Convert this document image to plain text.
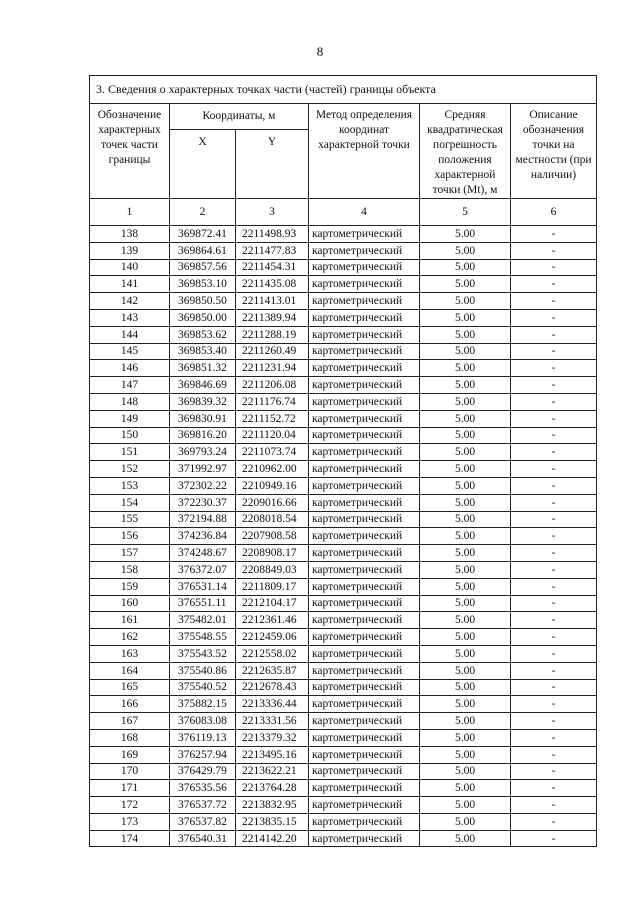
8
3. Сведения о характерных точках части (частей) границы объекта					
Обозначение характерных точек части границы	Координаты, м		Метод определения координат характерной точки	Средняя квадратическая погрешность положения характерной точки (Mt), м	Описание обозначения точки на местности (при наличии)
	X	Y			
1	2	3	4	5	6
138	369872.41	2211498.93	картометрический	5.00	-
139	369864.61	2211477.83	картометрический	5.00	-
140	369857.56	2211454.31	картометрический	5.00	-
141	369853.10	2211435.08	картометрический	5.00	-
142	369850.50	2211413.01	картометрический	5.00	-
143	369850.00	2211389.94	картометрический	5.00	-
144	369853.62	2211288.19	картометрический	5.00	-
145	369853.40	2211260.49	картометрический	5.00	-
146	369851.32	2211231.94	картометрический	5.00	-
147	369846.69	2211206.08	картометрический	5.00	-
148	369839.32	2211176.74	картометрический	5.00	-
149	369830.91	2211152.72	картометрический	5.00	-
150	369816.20	2211120.04	картометрический	5.00	-
151	369793.24	2211073.74	картометрический	5.00	-
152	371992.97	2210962.00	картометрический	5.00	-
153	372302.22	2210949.16	картометрический	5.00	-
154	372230.37	2209016.66	картометрический	5.00	-
155	372194.88	2208018.54	картометрический	5.00	-
156	374236.84	2207908.58	картометрический	5.00	-
157	374248.67	2208908.17	картометрический	5.00	-
158	376372.07	2208849.03	картометрический	5.00	-
159	376531.14	2211809.17	картометрический	5.00	-
160	376551.11	2212104.17	картометрический	5.00	-
161	375482.01	2212361.46	картометрический	5.00	-
162	375548.55	2212459.06	картометрический	5.00	-
163	375543.52	2212558.02	картометрический	5.00	-
164	375540.86	2212635.87	картометрический	5.00	-
165	375540.52	2212678.43	картометрический	5.00	-
166	375882.15	2213336.44	картометрический	5.00	-
167	376083.08	2213331.56	картометрический	5.00	-
168	376119.13	2213379.32	картометрический	5.00	-
169	376257.94	2213495.16	картометрический	5.00	-
170	376429.79	2213622.21	картометрический	5.00	-
171	376535.56	2213764.28	картометрический	5.00	-
172	376537.72	2213832.95	картометрический	5.00	-
173	376537.82	2213835.15	картометрический	5.00	-
174	376540.31	2214142.20	картометрический	5.00	-
